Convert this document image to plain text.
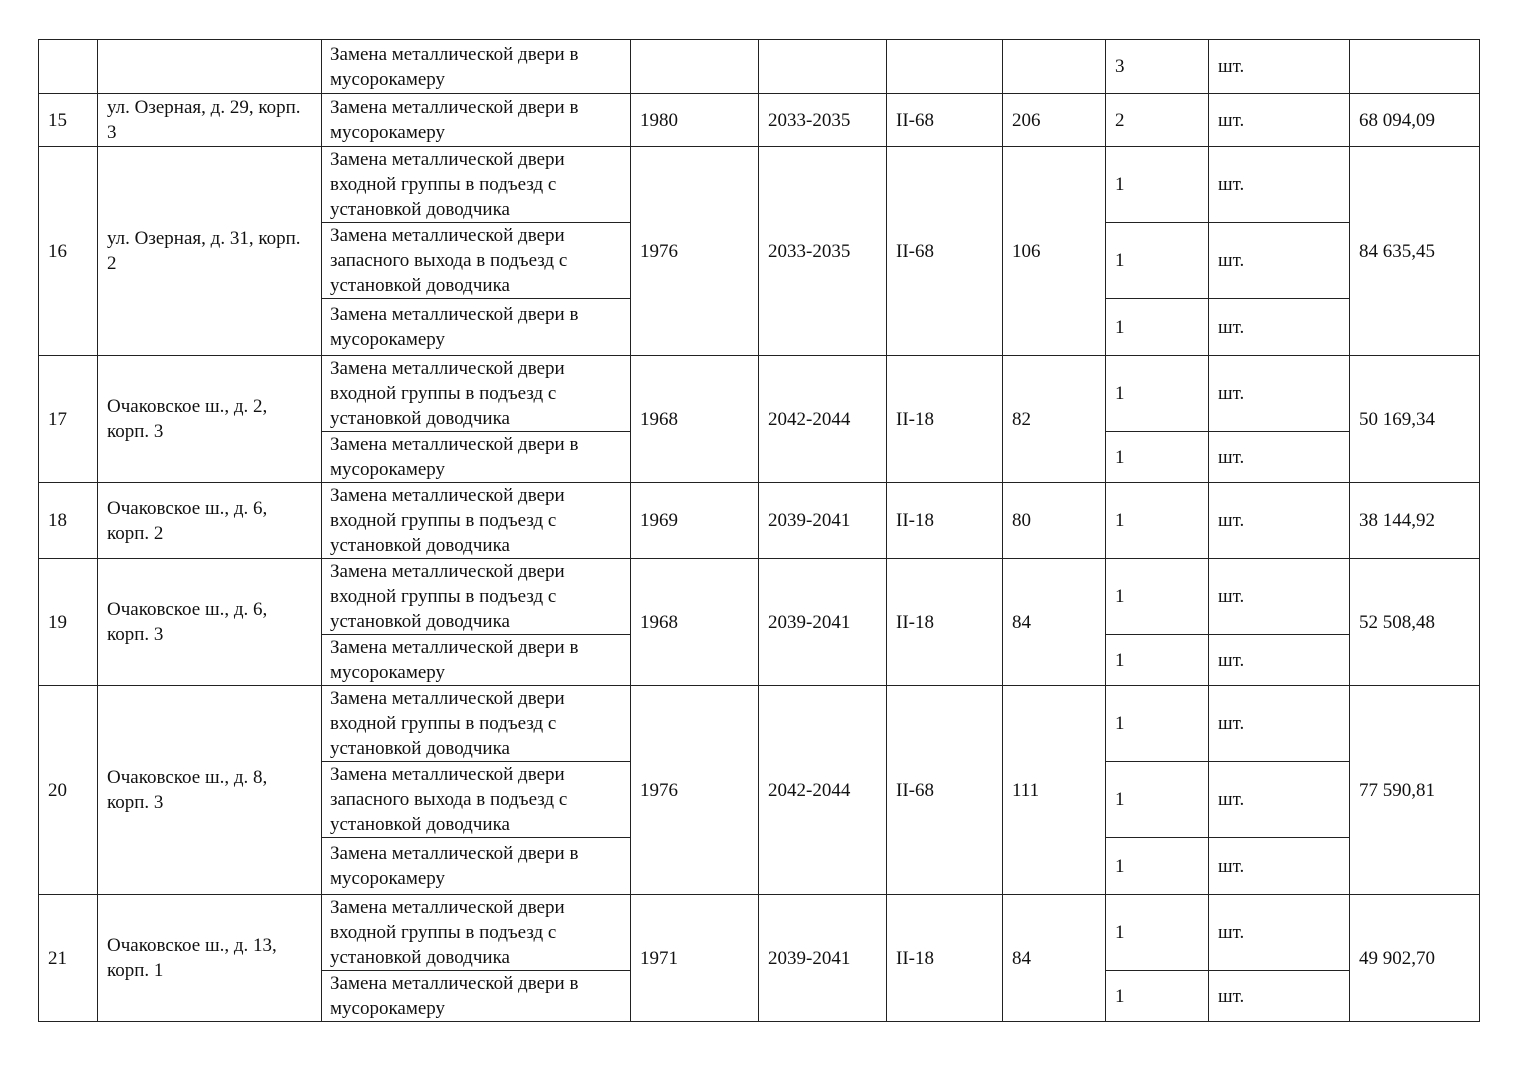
		Замена металлической двери в мусорокамеру					3	шт.	
15	ул. Озерная, д. 29, корп. 3	Замена металлической двери в мусорокамеру	1980	2033-2035	II-68	206	2	шт.	68 094,09
16	ул. Озерная, д. 31, корп. 2	Замена металлической двери входной группы в подъезд с установкой доводчика	1976	2033-2035	II-68	106	1	шт.	84 635,45
		Замена металлической двери запасного выхода в подъезд с установкой доводчика					1	шт.	
		Замена металлической двери в мусорокамеру					1	шт.	
17	Очаковское ш., д. 2, корп. 3	Замена металлической двери входной группы в подъезд с установкой доводчика	1968	2042-2044	II-18	82	1	шт.	50 169,34
		Замена металлической двери в мусорокамеру					1	шт.	
18	Очаковское ш., д. 6, корп. 2	Замена металлической двери входной группы в подъезд с установкой доводчика	1969	2039-2041	II-18	80	1	шт.	38 144,92
19	Очаковское ш., д. 6, корп. 3	Замена металлической двери входной группы в подъезд с установкой доводчика	1968	2039-2041	II-18	84	1	шт.	52 508,48
		Замена металлической двери в мусорокамеру					1	шт.	
20	Очаковское ш., д. 8, корп. 3	Замена металлической двери входной группы в подъезд с установкой доводчика	1976	2042-2044	II-68	111	1	шт.	77 590,81
		Замена металлической двери запасного выхода в подъезд с установкой доводчика					1	шт.	
		Замена металлической двери в мусорокамеру					1	шт.	
21	Очаковское ш., д. 13, корп. 1	Замена металлической двери входной группы в подъезд с установкой доводчика	1971	2039-2041	II-18	84	1	шт.	49 902,70
		Замена металлической двери в мусорокамеру					1	шт.	
